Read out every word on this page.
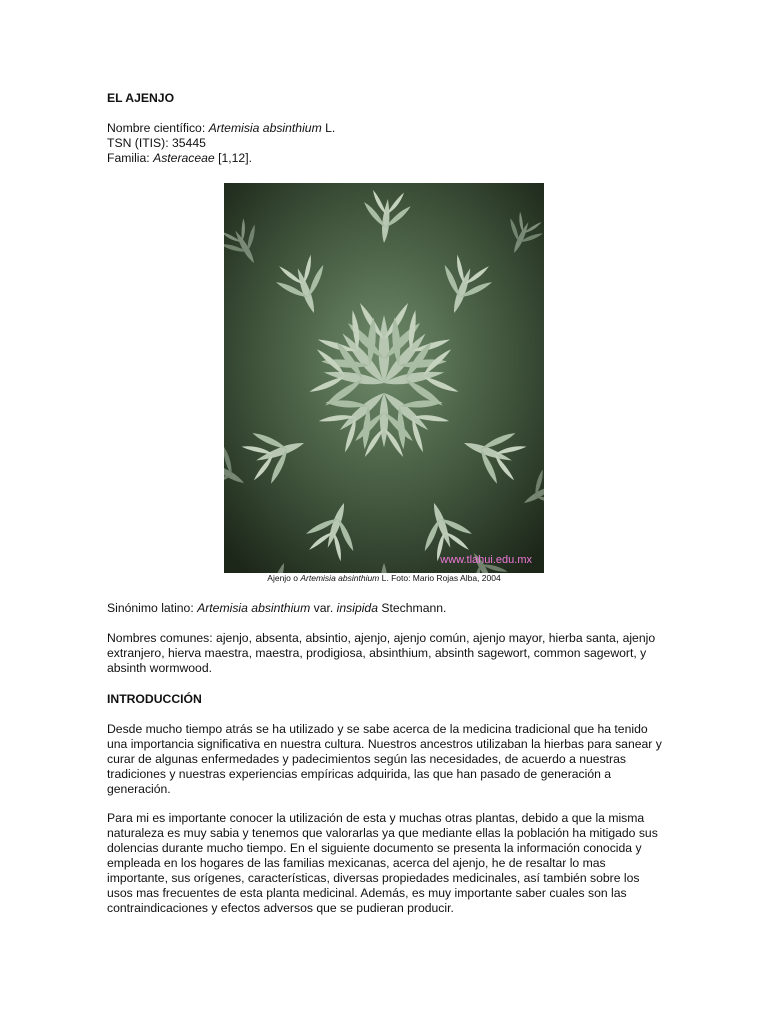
EL AJENJO
Nombre científico: Artemisia absinthium L.
TSN (ITIS): 35445
Familia: Asteraceae [1,12].
www.tlahui.edu.mx
Ajenjo o Artemisia absinthium L. Foto: Mario Rojas Alba, 2004
Sinónimo latino: Artemisia absinthium var. insipida Stechmann.

Nombres comunes: ajenjo, absenta, absintio, ajenjo, ajenjo común, ajenjo mayor, hierba santa, ajenjo extranjero, hierva maestra, maestra, prodigiosa, absinthium, absinth sagewort, common sagewort, y absinth wormwood.

INTRODUCCIÓN

Desde mucho tiempo atrás se ha utilizado y se sabe acerca de la medicina tradicional que ha tenido una importancia significativa en nuestra cultura. Nuestros ancestros utilizaban la hierbas para sanear y curar de algunas enfermedades y padecimientos según las necesidades, de acuerdo a nuestras tradiciones y nuestras experiencias empíricas adquirida, las que han pasado de generación a generación.

Para mi es importante conocer la utilización de esta y muchas otras plantas, debido a que la misma naturaleza es muy sabia y tenemos que valorarlas ya que mediante ellas la población ha mitigado sus dolencias durante mucho tiempo. En el siguiente documento se presenta la información conocida y empleada en los hogares de las familias mexicanas, acerca del ajenjo, he de resaltar lo mas importante, sus orígenes, características, diversas propiedades medicinales, así también sobre los usos mas frecuentes de esta planta medicinal. Además, es muy importante saber cuales son las contraindicaciones y efectos adversos que se pudieran producir.
